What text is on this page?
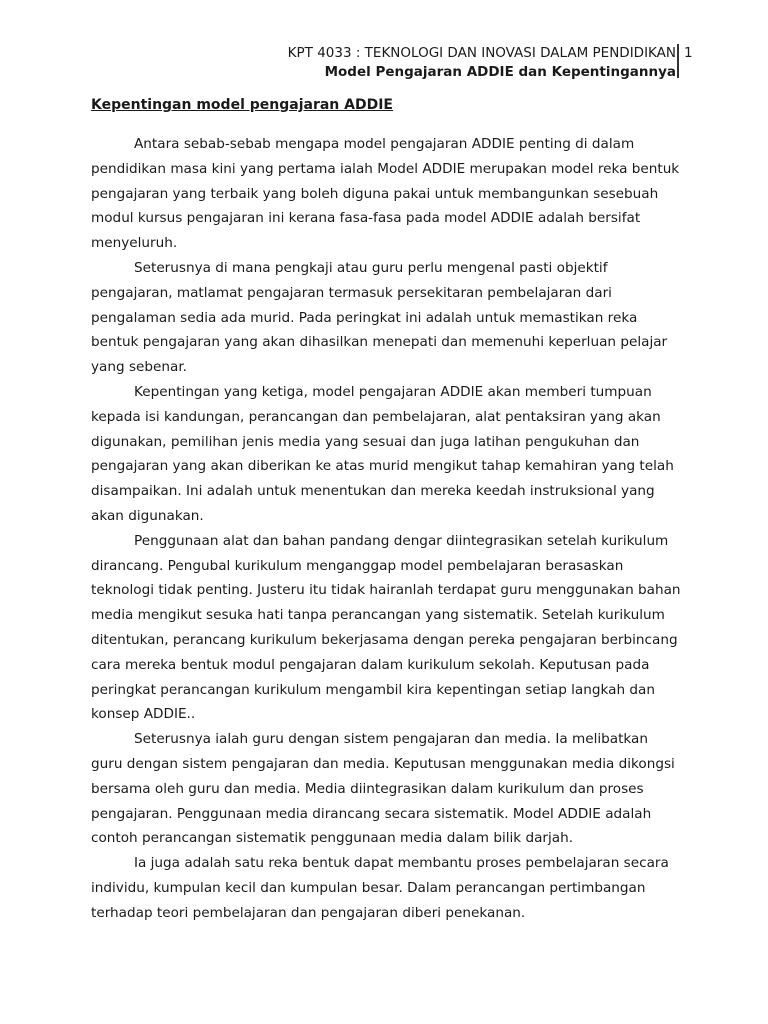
KPT 4033 : TEKNOLOGI DAN INOVASI DALAM PENDIDIKAN
Model Pengajaran ADDIE dan Kepentingannya
1
Kepentingan model pengajaran ADDIE

Antara sebab-sebab mengapa model pengajaran ADDIE penting di dalam pendidikan masa kini yang pertama ialah Model ADDIE merupakan model reka bentuk pengajaran yang terbaik yang boleh diguna pakai untuk membangunkan sesebuah modul kursus pengajaran ini kerana fasa-fasa pada model ADDIE adalah bersifat menyeluruh.

Seterusnya di mana pengkaji atau guru perlu mengenal pasti objektif pengajaran, matlamat pengajaran termasuk persekitaran pembelajaran dari pengalaman sedia ada murid. Pada peringkat ini adalah untuk memastikan reka bentuk pengajaran yang akan dihasilkan menepati dan memenuhi keperluan pelajar yang sebenar.

Kepentingan yang ketiga, model pengajaran ADDIE akan memberi tumpuan kepada isi kandungan, perancangan dan pembelajaran, alat pentaksiran yang akan digunakan, pemilihan jenis media yang sesuai dan juga latihan pengukuhan dan pengajaran yang akan diberikan ke atas murid mengikut tahap kemahiran yang telah disampaikan. Ini adalah untuk menentukan dan mereka keedah instruksional yang akan digunakan.

Penggunaan alat dan bahan pandang dengar diintegrasikan setelah kurikulum dirancang. Pengubal kurikulum menganggap model pembelajaran berasaskan teknologi tidak penting. Justeru itu tidak hairanlah terdapat guru menggunakan bahan media mengikut sesuka hati tanpa perancangan yang sistematik. Setelah kurikulum ditentukan, perancang kurikulum bekerjasama dengan pereka pengajaran berbincang cara mereka bentuk modul pengajaran dalam kurikulum sekolah. Keputusan pada peringkat perancangan kurikulum mengambil kira kepentingan setiap langkah dan konsep ADDIE..

Seterusnya ialah guru dengan sistem pengajaran dan media. Ia melibatkan guru dengan sistem pengajaran dan media. Keputusan menggunakan media dikongsi bersama oleh guru dan media. Media diintegrasikan dalam kurikulum dan proses pengajaran. Penggunaan media dirancang secara sistematik. Model ADDIE adalah contoh perancangan sistematik penggunaan media dalam bilik darjah.

Ia juga adalah satu reka bentuk dapat membantu proses pembelajaran secara individu, kumpulan kecil dan kumpulan besar. Dalam perancangan pertimbangan terhadap teori pembelajaran dan pengajaran diberi penekanan.
